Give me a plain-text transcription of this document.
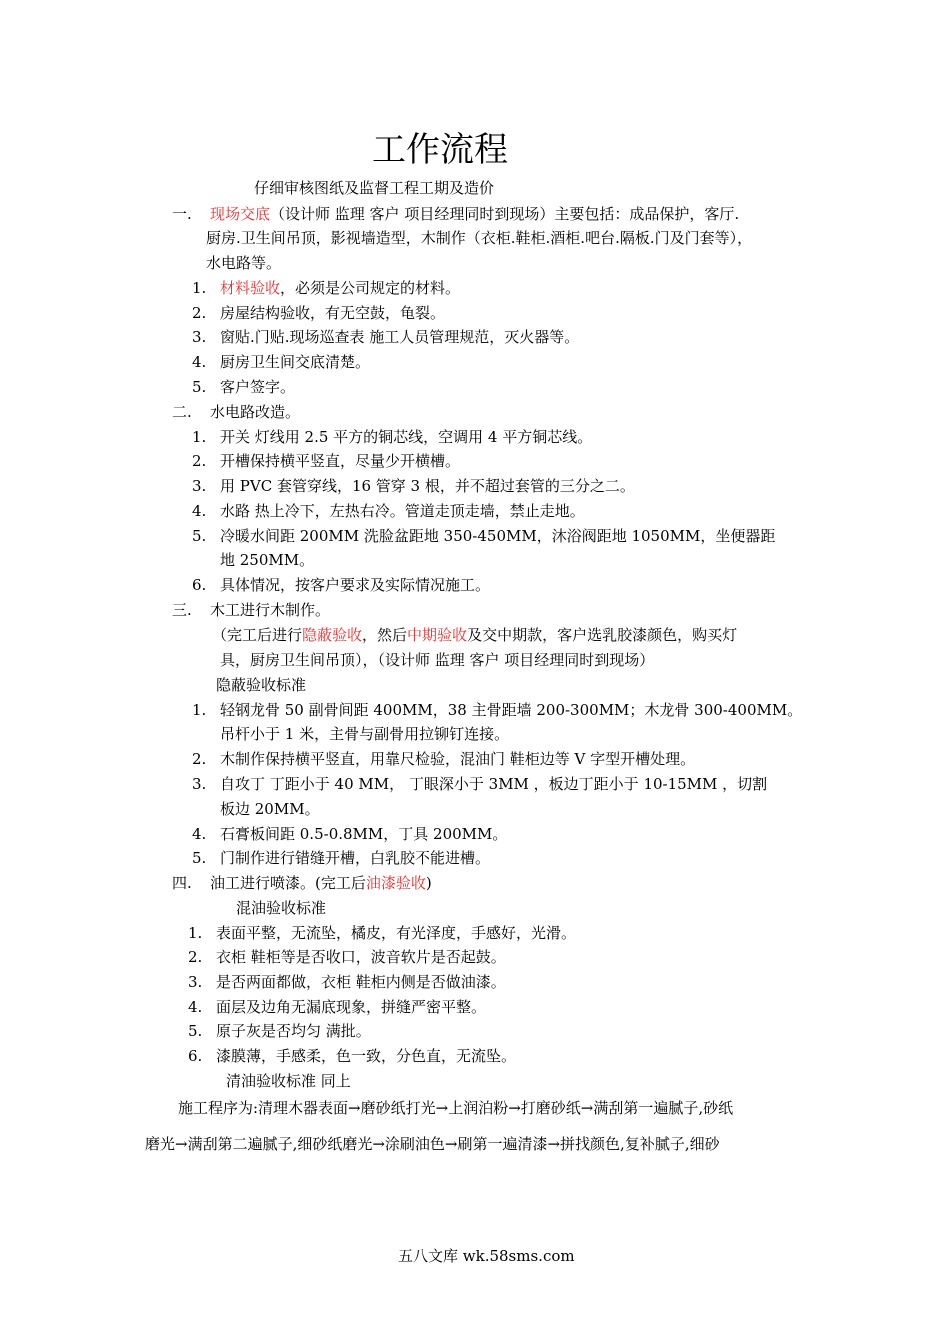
工作流程
仔细审核图纸及监督工程工期及造价
一. 现场交底（设计师 监理 客户 项目经理同时到现场）主要包括：成品保护，客厅.
厨房.卫生间吊顶，影视墙造型，木制作（衣柜.鞋柜.酒柜.吧台.隔板.门及门套等），
水电路等。
1. 材料验收，必须是公司规定的材料。
2. 房屋结构验收，有无空鼓，龟裂。
3. 窗贴.门贴.现场巡查表 施工人员管理规范，灭火器等。
4. 厨房卫生间交底清楚。
5. 客户签字。
二. 水电路改造。
1. 开关 灯线用 2.5 平方的铜芯线，空调用 4 平方铜芯线。
2. 开槽保持横平竖直，尽量少开横槽。
3. 用 PVC 套管穿线，16 管穿 3 根，并不超过套管的三分之二。
4. 水路 热上冷下，左热右冷。管道走顶走墙，禁止走地。
5. 冷暖水间距 200MM 洗脸盆距地 350-450MM，沐浴阀距地 1050MM，坐便器距
地 250MM。
6. 具体情况，按客户要求及实际情况施工。
三. 木工进行木制作。
（完工后进行隐蔽验收，然后中期验收及交中期款，客户选乳胶漆颜色，购买灯
具，厨房卫生间吊顶），（设计师 监理 客户 项目经理同时到现场）
隐蔽验收标准
1. 轻钢龙骨 50 副骨间距 400MM，38 主骨距墙 200-300MM；木龙骨 300-400MM。
吊杆小于 1 米，主骨与副骨用拉铆钉连接。
2. 木制作保持横平竖直，用靠尺检验，混油门 鞋柜边等 V 字型开槽处理。
3. 自攻丁 丁距小于 40 MM， 丁眼深小于 3MM ，板边丁距小于 10-15MM ，切割
板边 20MM。
4. 石膏板间距 0.5-0.8MM，丁具 200MM。
5. 门制作进行错缝开槽，白乳胶不能进槽。
四. 油工进行喷漆。(完工后油漆验收)
混油验收标准
1. 表面平整，无流坠，橘皮，有光泽度，手感好，光滑。
2. 衣柜 鞋柜等是否收口，波音软片是否起鼓。
3. 是否两面都做，衣柜 鞋柜内侧是否做油漆。
4. 面层及边角无漏底现象，拼缝严密平整。
5. 原子灰是否均匀 满批。
6. 漆膜薄，手感柔，色一致，分色直，无流坠。
清油验收标准 同上
施工程序为:清理木器表面→磨砂纸打光→上润泊粉→打磨砂纸→满刮第一遍腻子,砂纸
磨光→满刮第二遍腻子,细砂纸磨光→涂刷油色→刷第一遍清漆→拼找颜色,复补腻子,细砂
五八文库 wk.58sms.com
